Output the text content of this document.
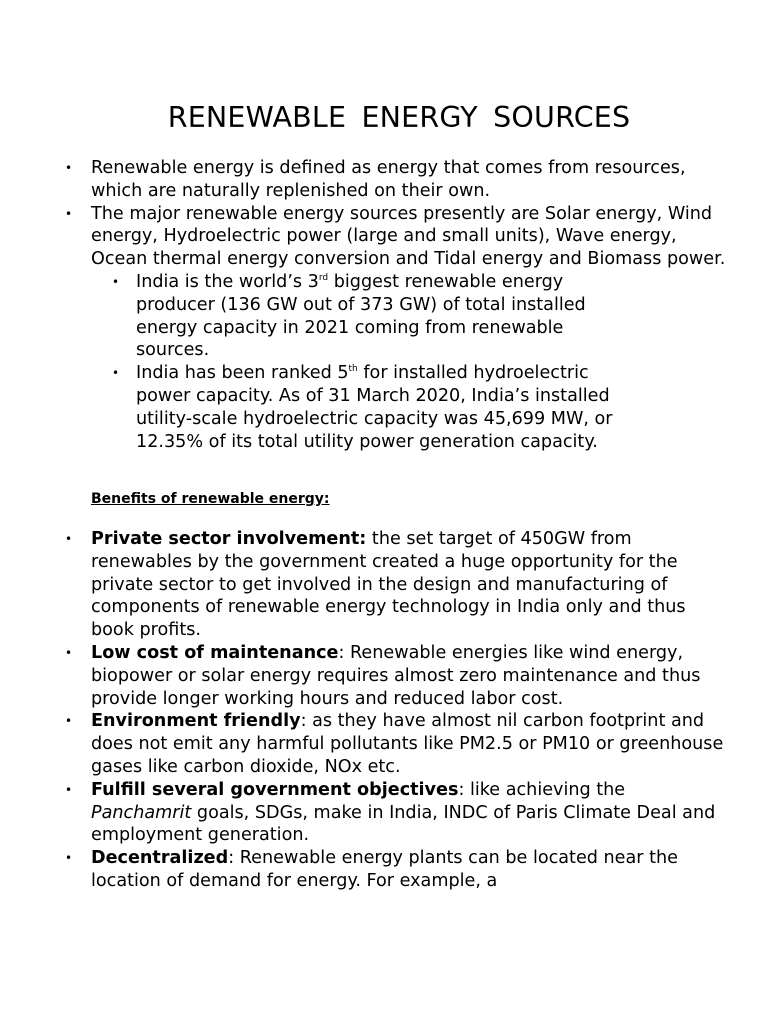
RENEWABLE ENERGY SOURCES
• Renewable energy is defined as energy that comes from resources, which are naturally replenished on their own.
• The major renewable energy sources presently are Solar energy, Wind energy, Hydroelectric power (large and small units), Wave energy, Ocean thermal energy conversion and Tidal energy and Biomass power.
• India is the world’s 3rd biggest renewable energy producer (136 GW out of 373 GW) of total installed energy capacity in 2021 coming from renewable sources.
• India has been ranked 5th for installed hydroelectric power capacity. As of 31 March 2020, India’s installed utility-scale hydroelectric capacity was 45,699 MW, or 12.35% of its total utility power generation capacity.

Benefits of renewable energy:

• Private sector involvement: the set target of 450GW from renewables by the government created a huge opportunity for the private sector to get involved in the design and manufacturing of components of renewable energy technology in India only and thus book profits.
• Low cost of maintenance: Renewable energies like wind energy, biopower or solar energy requires almost zero maintenance and thus provide longer working hours and reduced labor cost.
• Environment friendly: as they have almost nil carbon footprint and does not emit any harmful pollutants like PM2.5 or PM10 or greenhouse gases like carbon dioxide, NOx etc.
• Fulfill several government objectives: like achieving the Panchamrit goals, SDGs, make in India, INDC of Paris Climate Deal and employment generation.
• Decentralized: Renewable energy plants can be located near the location of demand for energy. For example, a
